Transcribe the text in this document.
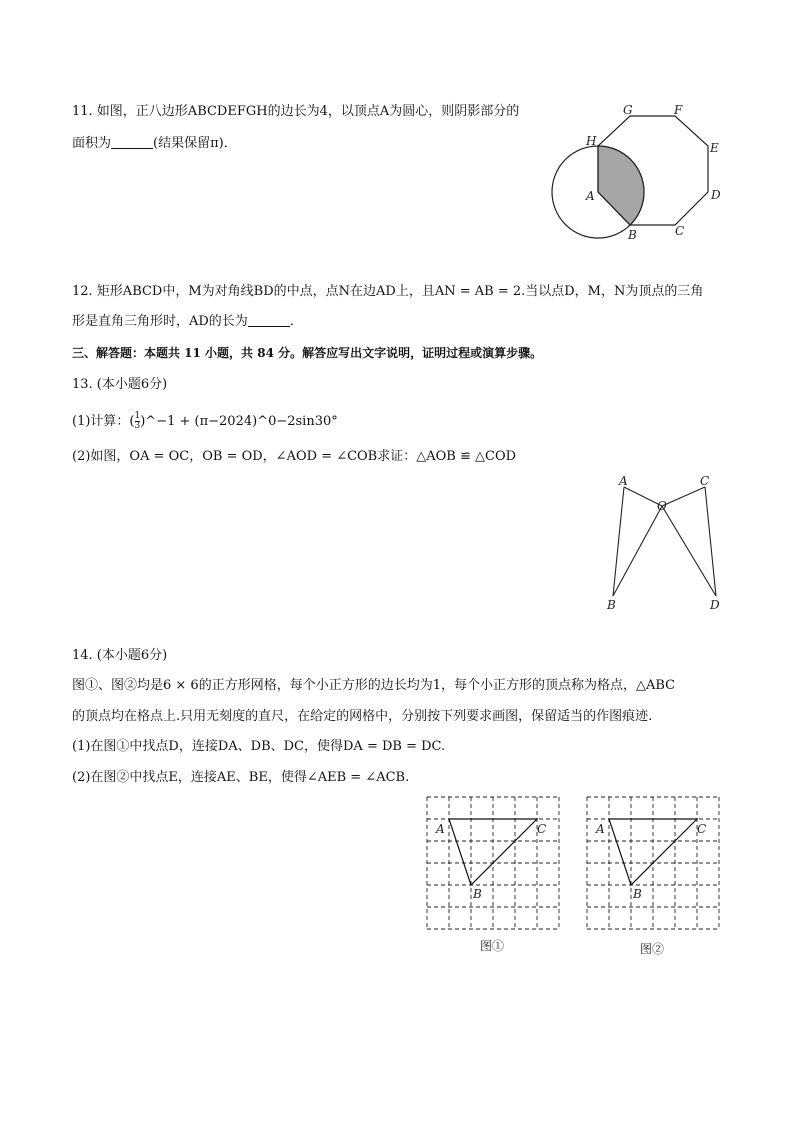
11. 如图，正八边形ABCDEFGH的边长为4，以顶点A为圆心，则阴影部分的
面积为	(结果保留π)．	H
G	F
E
D
C
B
A
12. 矩形ABCD中，M为对角线BD的中点，点N在边AD上，且AN = AB = 2.当以点D，M，N为顶点的三角
形是直角三角形时，AD的长为	．
三、解答题：本题共 11 小题，共 84 分。解答应写出文字说明，证明过程或演算步骤。
13. (本小题6分)
(1)计算：( $\frac{1}{3}$ )^−1 + (π−2024)^0−2sin30°
(2)如图，OA = OC，OB = OD，∠AOD = ∠COB求证：△AOB ≌ △COD
A	C
O
B	D
14. (本小题6分)
图①、图②均是6 × 6的正方形网格，每个小正方形的边长均为1，每个小正方形的顶点称为格点，△ABC
的顶点均在格点上.只用无刻度的直尺，在给定的网格中，分别按下列要求画图，保留适当的作图痕迹.
(1)在图①中找点D，连接DA、DB、DC，使得DA = DB = DC.
(2)在图②中找点E，连接AE、BE，使得∠AEB = ∠ACB.
A
B
C
图①
A
B
C
图②
